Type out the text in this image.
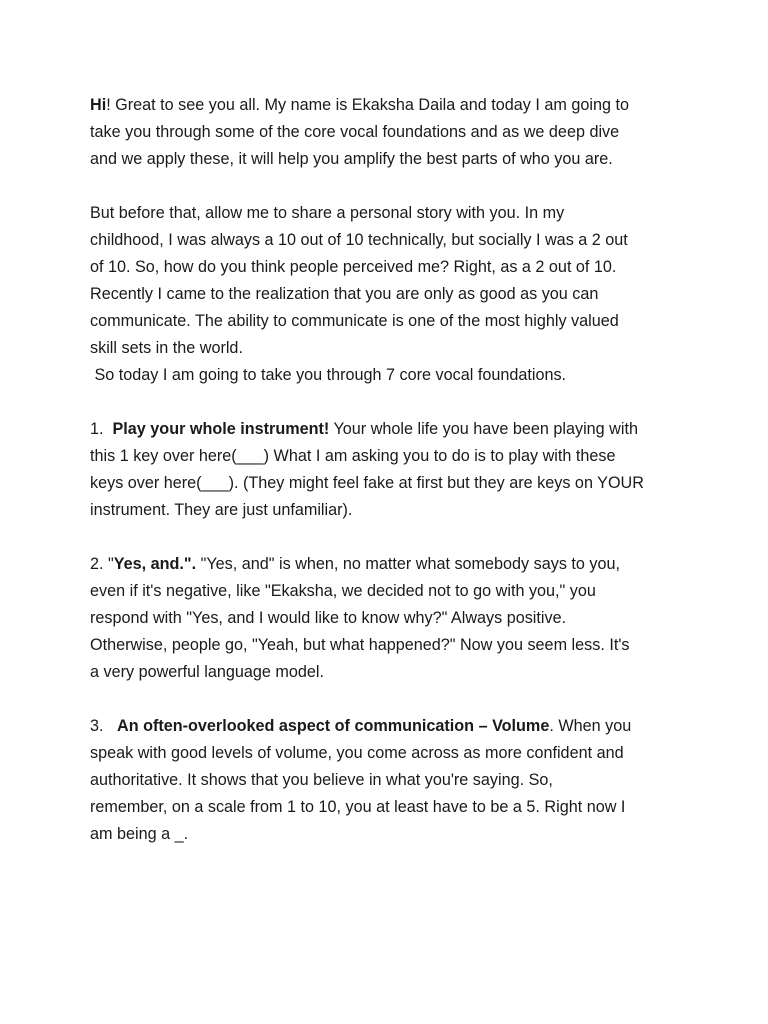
Hi! Great to see you all. My name is Ekaksha Daila and today I am going to
take you through some of the core vocal foundations and as we deep dive
and we apply these, it will help you amplify the best parts of who you are.
But before that, allow me to share a personal story with you. In my
childhood, I was always a 10 out of 10 technically, but socially I was a 2 out
of 10. So, how do you think people perceived me? Right, as a 2 out of 10.
Recently I came to the realization that you are only as good as you can
communicate. The ability to communicate is one of the most highly valued
skill sets in the world.
So today I am going to take you through 7 core vocal foundations.
1.  Play your whole instrument! Your whole life you have been playing with
this 1 key over here(___) What I am asking you to do is to play with these
keys over here(___). (They might feel fake at first but they are keys on YOUR
instrument. They are just unfamiliar).
2. "Yes, and.". "Yes, and" is when, no matter what somebody says to you,
even if it's negative, like "Ekaksha, we decided not to go with you," you
respond with "Yes, and I would like to know why?" Always positive.
Otherwise, people go, "Yeah, but what happened?" Now you seem less. It's
a very powerful language model.
3.   An often-overlooked aspect of communication – Volume. When you
speak with good levels of volume, you come across as more confident and
authoritative. It shows that you believe in what you're saying. So,
remember, on a scale from 1 to 10, you at least have to be a 5. Right now I
am being a _.
